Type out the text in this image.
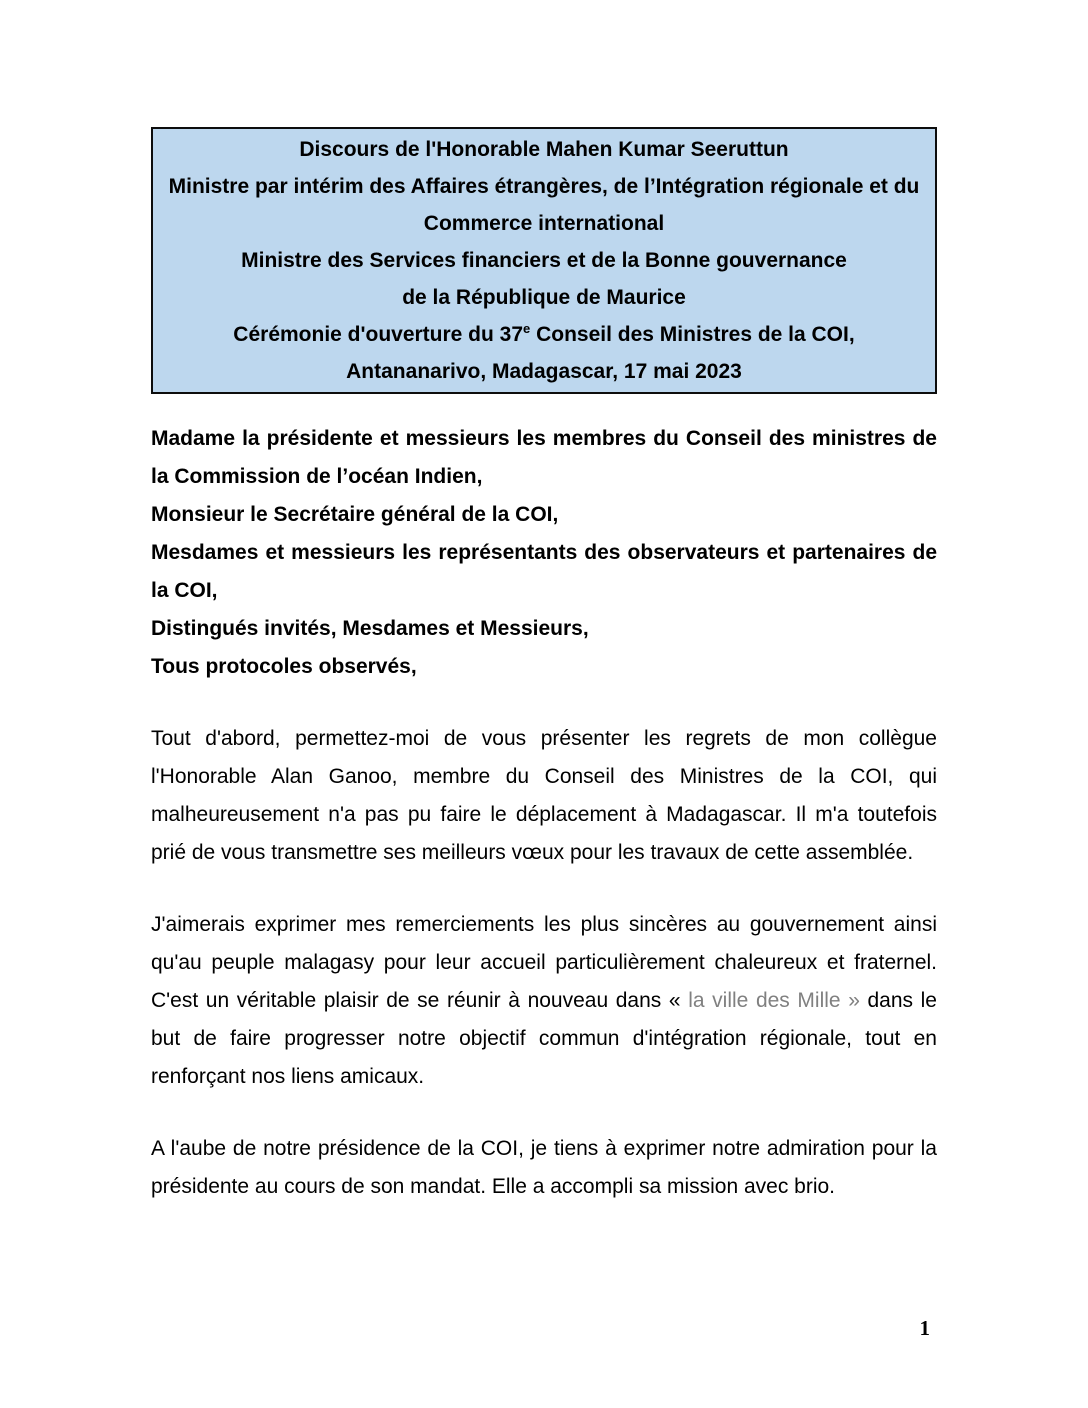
Discours de l'Honorable Mahen Kumar Seeruttun
Ministre par intérim des Affaires étrangères, de l’Intégration régionale et du
Commerce international
Ministre des Services financiers et de la Bonne gouvernance
de la République de Maurice
Cérémonie d'ouverture du 37e Conseil des Ministres de la COI,
Antananarivo, Madagascar, 17 mai 2023

Madame la présidente et messieurs les membres du Conseil des ministres de la Commission de l’océan Indien,

Monsieur le Secrétaire général de la COI,

Mesdames et messieurs les représentants des observateurs et partenaires de la COI,

Distingués invités, Mesdames et Messieurs,

Tous protocoles observés,

Tout d'abord, permettez-moi de vous présenter les regrets de mon collègue l'Honorable Alan Ganoo, membre du Conseil des Ministres de la COI, qui malheureusement n'a pas pu faire le déplacement à Madagascar. Il m'a toutefois prié de vous transmettre ses meilleurs vœux pour les travaux de cette assemblée.

J'aimerais exprimer mes remerciements les plus sincères au gouvernement ainsi qu'au peuple malagasy pour leur accueil particulièrement chaleureux et fraternel. C'est un véritable plaisir de se réunir à nouveau dans « la ville des Mille » dans le but de faire progresser notre objectif commun d'intégration régionale, tout en renforçant nos liens amicaux.

A l'aube de notre présidence de la COI, je tiens à exprimer notre admiration pour la présidente au cours de son mandat. Elle a accompli sa mission avec brio.

1
